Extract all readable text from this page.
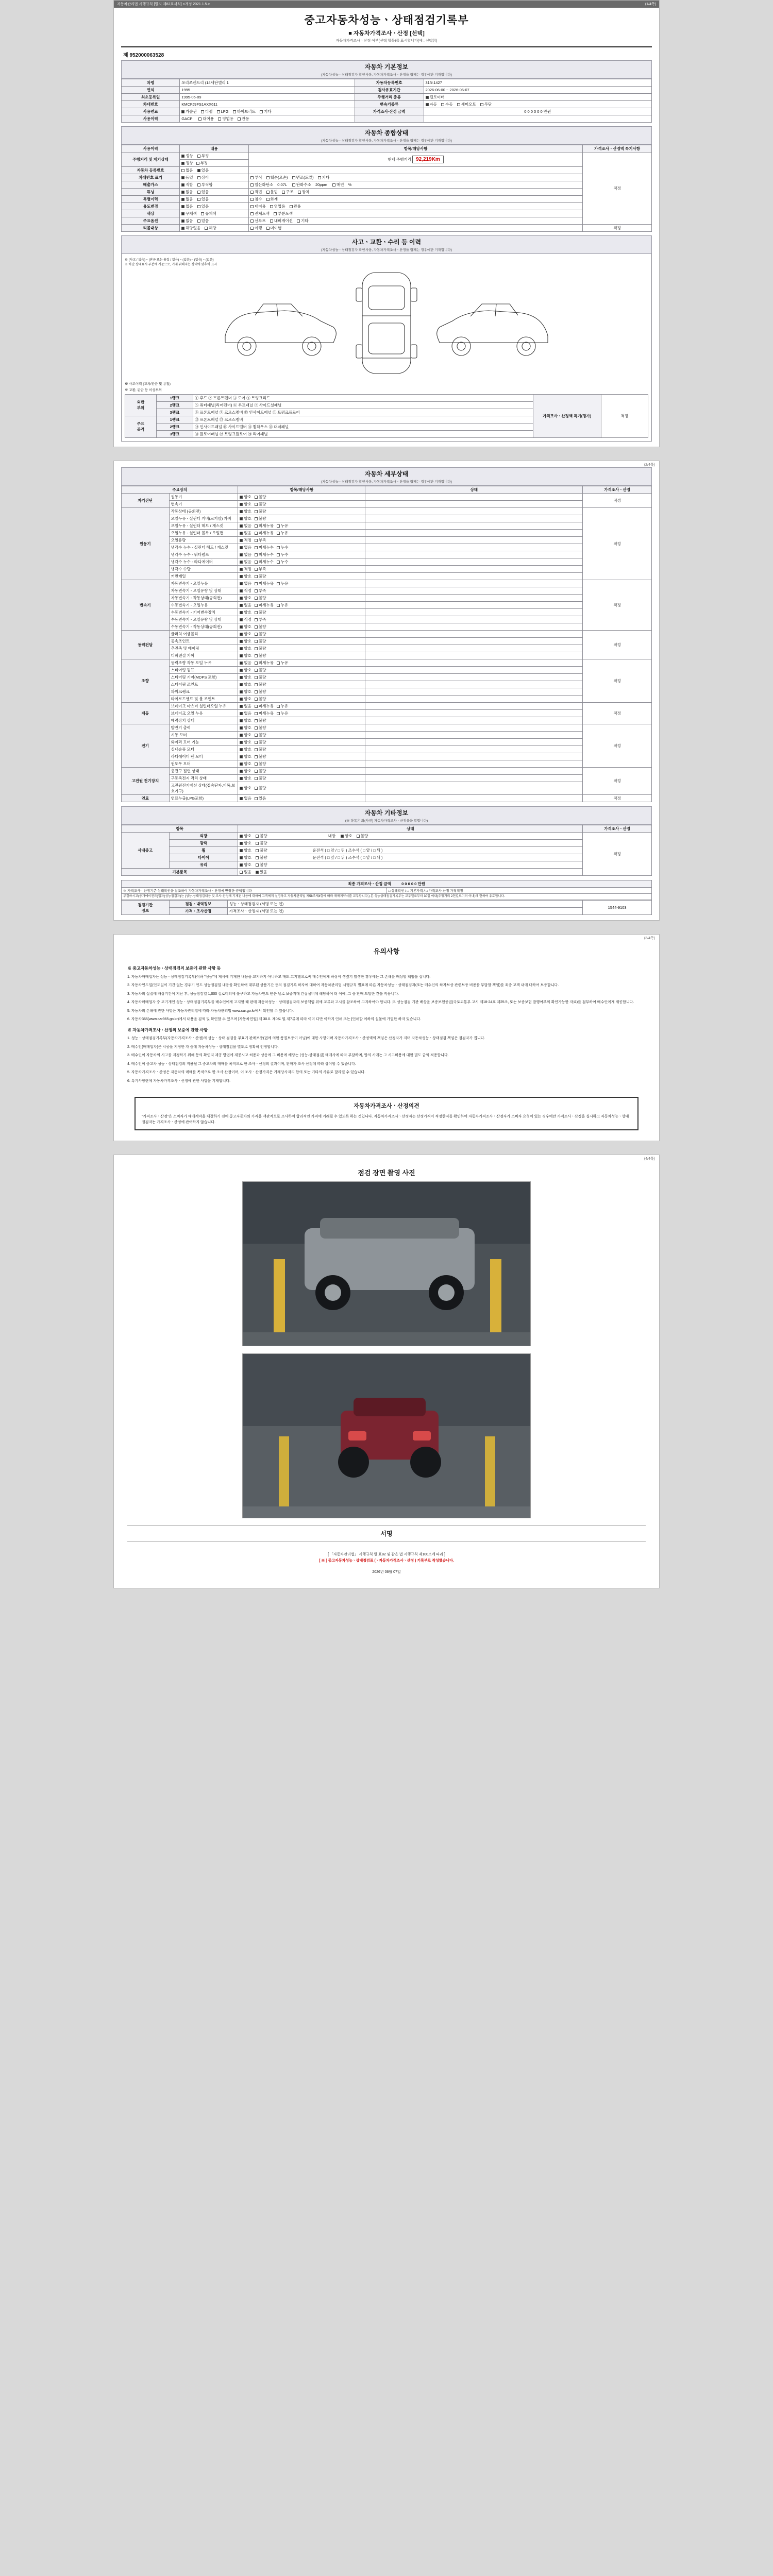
자동차관리법 시행규칙 [별지 제82호서식] <개정 2021.1.5.>	(1/4쪽)
중고자동차성능ㆍ상태점검기록부
■ 자동차가격조사ㆍ산정 [선택]
자동차가격조사ㆍ산정 여부(선택 항목)를 표시합니다(예 : 선택함)
제 952000063528
자동차 기본정보
(자동차성능ㆍ상태점검자 확인사항, 자동차가격조사ㆍ산정을 함께는 경우에만 기재합니다)
차명	쏘리쏘렌드리 (14세단엘리 1	자동차등록번호	31도1427
연식	1995	검사유효기간	2026-06-00 ~ 2026-06-07
최초등록일	1995-05-09	주행거리 종류	킬로미터
차대번호	KMCFJ9FS1AXX611	변속기종류	자동 수동 세미오토 무단
사용연료	가솔린 디젤 LPG 하이브리드 기타	가격조사·산정 금액	0 0 0 0 0 0 만원
사용이력	GACP 대여용 영업용 관용		
자동차 종합상태
(자동차성능ㆍ상태점검자 확인사항, 자동차가격조사ㆍ산정을 함께는 경우에만 기재합니다)
사용이력	내용	항목/해당사항	가격조사ㆍ산정액 특기사항
주행거리 및 계기상태	정상 부정	현재 주행거리 92,219Km	적정
	정상 부정		
자동차 등록번호	없음 있음		
차대번호 표기	동일 상이	부식 훼손(오손) 변조(도말) 기타	
배출가스	적합 부적합	일산화탄소 0.07L 탄화수소 20ppm 매연 %	
튜닝	없음 있음	적법 불법 구조 장치	
특별이력	없음 있음	침수 화재	
용도변경	없음 있음	대여용 영업용 관용	
색상	무채색 유채색	전체도색 부분도색	
주요옵션	없음 있음	선루프 내비게이션 기타	
리콜대상	해당없음 해당	이행 미이행	적정
사고ㆍ교환ㆍ수리 등 이력
(자동차성능ㆍ상태점검자 확인사항, 자동차가격조사ㆍ산정을 함께는 경우에만 기재합니다)
※ (사고 / 없음) ~ (판금 또는 용접 / 없음) ~ (없음) ~ (없음) ~ (없음)
※ 하단 상태표시 부분에 기준으로, 기재 위해지는 상태에 맞추어 표시
※ 사고이력 (교차/판금 및 용접)
※ 교환, 판금 등 이상부위
외판
부위	1랭크	① 후드 ② 프론트펜더 ③ 도어 ④ 트렁크리드	가격조사ㆍ산정액 특기(평가)	적정
	2랭크	⑤ 쿼터패널(리어펜더) ⑥ 루프패널 ⑦ 사이드실패널		
	3랭크	⑧ 프론트패널 ⑨ 크로스멤버 ⑩ 인사이드패널 ⑪ 트렁크플로어		
주요
골격	1랭크	⑫ 프론트패널 ⑬ 크로스멤버		
	2랭크	⑭ 인사이드패널 ⑮ 사이드멤버 ⑯ 휠하우스 ⑰ 대쉬패널		
	3랭크	⑱ 플로어패널 ⑲ 트렁크플로어 ⑳ 리어패널		
(2/4쪽)
자동차 세부상태
(자동차성능ㆍ상태점검자 확인사항, 자동차가격조사ㆍ산정을 함께는 경우에만 기재합니다)
주요장치		항목/해당사항	상태	가격조사ㆍ산정
자기진단	원동기	양호 불량		적정
	변속기	양호 불량		
원동기	작동상태 (공회전)	양호 불량		적정
	오일누유 - 실린더 커버(로커암) 카버	양호 불량		
	오일누유 - 실린더 헤드 / 개스킷	없음 미세누유 누유		
	오일누유 - 실린더 블록 / 오일팬	없음 미세누유 누유		
	오일유량	적정 부족		
	냉각수 누수 - 실린더 헤드 / 개스킷	없음 미세누수 누수		
	냉각수 누수 - 워터펌프	없음 미세누수 누수		
	냉각수 누수 - 라디에이터	없음 미세누수 누수		
	냉각수 수량	적정 부족		
	커먼레일	양호 불량		
변속기	자동변속기 - 오일누유	없음 미세누유 누유		적정
	자동변속기 - 오일유량 및 상태	적정 부족		
	자동변속기 - 작동상태(공회전)	양호 불량		
	수동변속기 - 오일누유	없음 미세누유 누유		
	수동변속기 - 기어변속장치	양호 불량		
	수동변속기 - 오일유량 및 상태	적정 부족		
	수동변속기 - 작동상태(공회전)	양호 불량		
동력전달	클러치 어셈블리	양호 불량		적정
	등속조인트	양호 불량		
	추진축 및 베어링	양호 불량		
	디퍼렌셜 기어	양호 불량		
조향	동력조향 작동 오일 누유	없음 미세누유 누유		적정
	스티어링 펌프	양호 불량		
	스티어링 기어(MDPS 포함)	양호 불량		
	스티어링 조인트	양호 불량		
	파워크랭크	양호 불량		
	타이로드엔드 및 볼 조인트	양호 불량		
제동	브레이크 마스터 실린더오일 누유	없음 미세누유 누유		적정
	브레이크 오일 누유	없음 미세누유 누유		
	배력장치 상태	양호 불량		
전기	발전기 출력	양호 불량		적정
	시동 모터	양호 불량		
	와이퍼 모터 기능	양호 불량		
	실내송풍 모터	양호 불량		
	라디에이터 팬 모터	양호 불량		
	윈도우 모터	양호 불량		
고전원 전기장치	충전구 절연 상태	양호 불량		적정
	구동축전지 격리 상태	양호 불량		
	고전원전기배선 상태(접속단자,피복,보호기구)	양호 불량		
연료	연료누출(LPG포함)	없음 있음		적정
자동차 기타정보
(※ 항목은 좌(사진) 자동차가격조사ㆍ산정율을 말합니다)
항목		상태	가격조사ㆍ산정
사내중고	외장	양호 불량 내장 양호 불량	적정
	광택	양호 불량	
	휠	양호 불량 운전석 ( □ 앞 / □ 뒤 ) 조수석 ( □ 앞 / □ 뒤 )	
	타이어	양호 불량 운전석 ( □ 앞 / □ 뒤 ) 조수석 ( □ 앞 / □ 뒤 )	
	유리	양호 불량	
기본품목		없음 있음	
최종 가격조사ㆍ산정 금액	0 0 0 0 0 만원
※ 가격조사ㆍ산정기준 상태확인을 참조하여 자동차가격조사ㆍ산정에 반영한 금액입니다	□ 상태확인 / □ 기본가격 / □ 가격조사·산정 가격적정
부결하시고(중개에이전트)업자(성능점검자)는 (성능·상태점검내용 및 조사·산정에 기재된 내용에 대하여 고객에게 설명하고 자동차관리법 제58조제4항에 따라 매매계약서를 교부합니다.) 본 성능상태점검기록부는 교부일로부터 30일 이내(주행거리 2천킬로미터 이내)에 한하여 유효합니다.
점검기관
정보	점검ㆍ내역정보	성능ㆍ상태점검자 (서명 또는 인)	1544-9103
	가격ㆍ조사산정	가격조사ㆍ산정자 (서명 또는 인)	
(3/4쪽)
유의사항
※ 중고자동차성능ㆍ상태점검의 보증에 관한 사항 등

1. 자동차매매업자는 성능ㆍ상태점검기록부(이하 "성능"에 제시에 기재한 내용을 교지하지 아니하고 매도 고지했으로써 매수인에게 하상이 생겼기 발생한 경우에는 그 손해를 배상할 책임을 집니다.

2. 자동차인도일(인도일이 기간 없는 경우기 인도 성능점검일 내용을 확인하여 대부된 상품기간 등의 점검기록 하자에 대하여 자동차관리법 시행규칙 별표에 따른 자동차성능ㆍ상태점검자(또는 매수인의 하자보상 관련보증 비용를 부담할 책임)를 최종 고객 내에 대하여 보증합니다.

3. 자동차의 실질에 배상기간이 지난 후, 성능점검일 1,000 킬로미터에 불구하고 자동차인도 받은 날로 보증지대 간접설비에 해당하여 더 이에, 그 중 판매 도달한 간을 작용니다.

4. 자동차매매업자 중 고기개인 성능ㆍ상태점검기록부를 배수인에게 고지할 때 판매 자동차성능ㆍ상태점검자의 보증책임 위에 교류와 고시를 참조하여 고지하여야 합니다. 또 성능점검 기관 배상을 보증보험증권(국토교통부 고시 제18-24호 제25조, 또는 보증보험 발행여부의 확인가능한 자료)를 첨부하여 매수인에게 제공합니다.

5. 자동차의 손해에 관한 사항은 자동차관리법에 따라 자동차관리법 www.car.go.kr에서 확인할 수 있습니다.

6. 자동차365(www.car365.go.kr)에서 내용을 검색 및 확인할 수 있으며 [자동차민원] 제 30.0. 제0로 및 제7류에 따라 이미 다만 이하지 인쇄 또는 [인쇄할 이하의 실물에 가열한 하자 있습니다.

※ 자동차가격조사ㆍ산정의 보증에 관한 사항

1. 성능ㆍ상태점검기록부(자동차가격조사ㆍ산정)의 성능ㆍ상태 점검을 무효기 판매보증(법에 의한 품질보증이 아님)에 대한 사항이며 자동차가격조사ㆍ산정액의 책임은 산정자가 지며 자동차성능ㆍ상태점검 책임은 점검자가 집니다.

2. 매수인(매매업자)은 시공을 지정한 자 중에 자동차성능ㆍ상태점검을 별도로 정확히 인정합니다.

3. 매수인이 자동차의 시고를 지정하기 위해 동의 확인지 제공 방법에 제공시고 허용과 상응에 그 비용에 해당는 (성능·상태점검) 매매사에 따라 부담하며, 합의 시에는 그 시고비용에 대한 별도 금액 적용합니다.

4. 매수인이 중고차 성능ㆍ상태점검의 적용될 그 중고차의 매매를 목적으로 한 조사ㆍ산정의 결과이며, 판매가 조사 산정에 따라 상이할 수 있습니다.

5. 자동차가격조사ㆍ산정은 자동차의 매매를 목적으로 한 조사 산정이며, 이 조사ㆍ산정가격은 거래당사자의 합의 또는 기타의 사유로 달라질 수 있습니다.

6. 특기사항란에 자동차가격조사ㆍ산정에 관한 사항을 기재합니다.

자동차가격조사ㆍ산정의견
"가격조사ㆍ산정"은 소비자가 매매계약을 체결하기 전에 중고자동차의 가격을 객관적으로 조사하여 합리적인 가격에 거래될 수 있도록 하는 것입니다. 자동차가격조사ㆍ산정자는 산정가격이 적정한지를 확인하여 자동차가격조사ㆍ산정자가 소비자 요청이 있는 경우에만 가격조사ㆍ산정을 실시하고 자동차성능ㆍ상태점검자는 가격조사ㆍ산정에 관여하지 않습니다.
(4/4쪽)
점검 장면 촬영 사진
서명
[ 「자동차관리법」 시행규칙 별 표82 및 같은 법 시행규칙 제100조에 따라 ]
[ ※ ] 중고자동차성능ㆍ상태점검표 (ㆍ자동차가격조사ㆍ산정 ) 기록부로 작성했습니다.
2026년 06월 07일
